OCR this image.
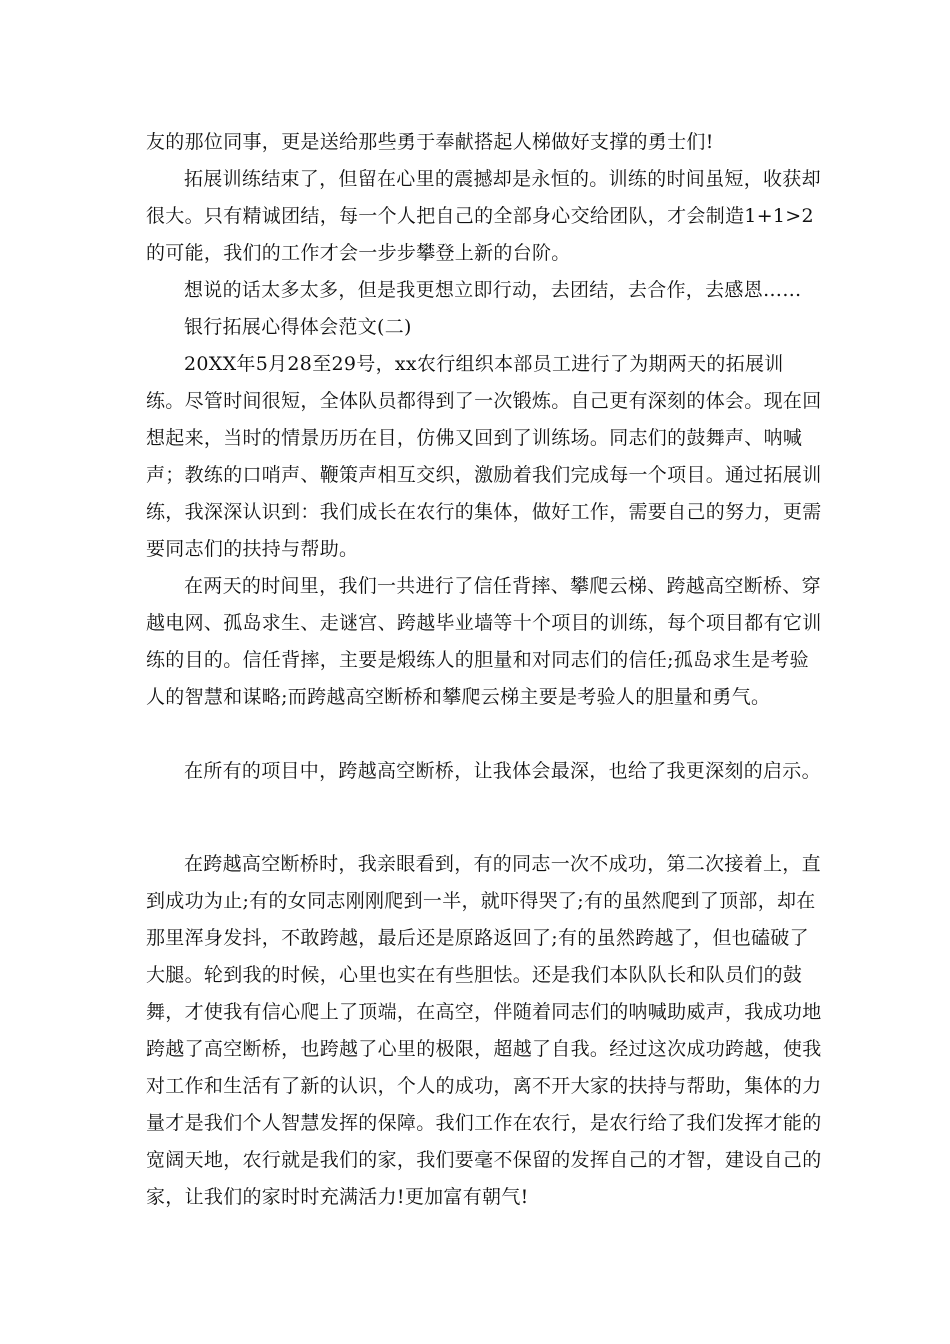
友的那位同事，更是送给那些勇于奉献搭起人梯做好支撑的勇士们!

拓展训练结束了，但留在心里的震撼却是永恒的。训练的时间虽短，收获却很大。只有精诚团结，每一个人把自己的全部身心交给团队，才会制造1+1>2的可能，我们的工作才会一步步攀登上新的台阶。

想说的话太多太多，但是我更想立即行动，去团结，去合作，去感恩……

银行拓展心得体会范文(二)

20XX年5月28至29号，xx农行组织本部员工进行了为期两天的拓展训练。尽管时间很短，全体队员都得到了一次锻炼。自己更有深刻的体会。现在回想起来，当时的情景历历在目，仿佛又回到了训练场。同志们的鼓舞声、呐喊声；教练的口哨声、鞭策声相互交织，激励着我们完成每一个项目。通过拓展训练，我深深认识到：我们成长在农行的集体，做好工作，需要自己的努力，更需要同志们的扶持与帮助。

在两天的时间里，我们一共进行了信任背摔、攀爬云梯、跨越高空断桥、穿越电网、孤岛求生、走谜宫、跨越毕业墙等十个项目的训练，每个项目都有它训练的目的。信任背摔，主要是煅练人的胆量和对同志们的信任;孤岛求生是考验人的智慧和谋略;而跨越高空断桥和攀爬云梯主要是考验人的胆量和勇气。

在所有的项目中，跨越高空断桥，让我体会最深，也给了我更深刻的启示。

在跨越高空断桥时，我亲眼看到，有的同志一次不成功，第二次接着上，直到成功为止;有的女同志刚刚爬到一半，就吓得哭了;有的虽然爬到了顶部，却在那里浑身发抖，不敢跨越，最后还是原路返回了;有的虽然跨越了，但也磕破了大腿。轮到我的时候，心里也实在有些胆怯。还是我们本队队长和队员们的鼓舞，才使我有信心爬上了顶端，在高空，伴随着同志们的呐喊助威声，我成功地跨越了高空断桥，也跨越了心里的极限，超越了自我。经过这次成功跨越，使我对工作和生活有了新的认识，个人的成功，离不开大家的扶持与帮助，集体的力量才是我们个人智慧发挥的保障。我们工作在农行，是农行给了我们发挥才能的宽阔天地，农行就是我们的家，我们要毫不保留的发挥自己的才智，建设自己的家，让我们的家时时充满活力!更加富有朝气!
